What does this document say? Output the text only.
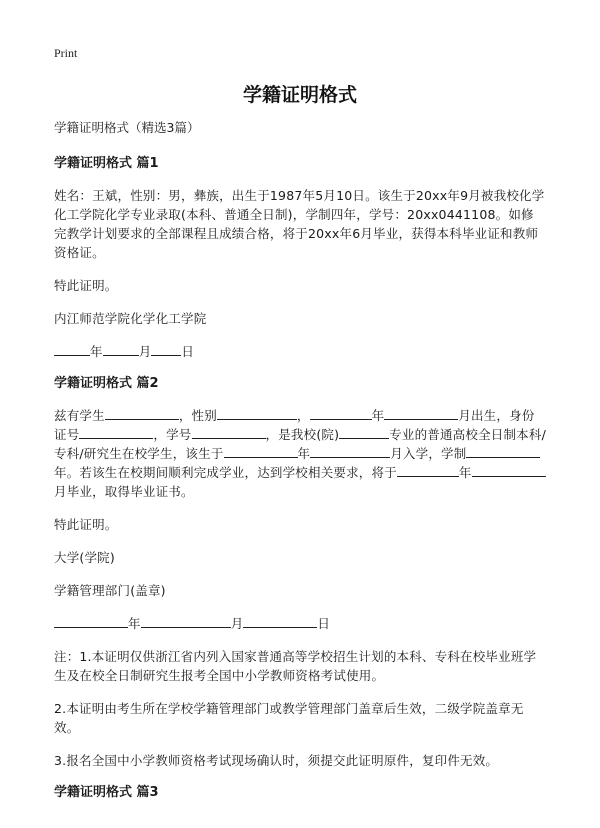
Print
学籍证明格式
学籍证明格式（精选3篇）
学籍证明格式 篇1
姓名：王斌，性别：男，彝族，出生于1987年5月10日。该生于20xx年9月被我校化学化工学院化学专业录取(本科、普通全日制)，学制四年，学号：20xx0441108。如修完教学计划要求的全部课程且成绩合格，将于20xx年6月毕业，获得本科毕业证和教师资格证。
特此证明。
内江师范学院化学化工学院
年	月 日
学籍证明格式 篇2
兹有学生	，性别	，	年	月出生，身份证号	，学号	，是我校(院)	专业的普通高校全日制本科/专科/研究生在校学生，该生于	年	月入学，学制年。若该生在校期间顺利完成学业，达到学校相关要求，将于	年月毕业，取得毕业证书。
特此证明。
大学(学院)
学籍管理部门(盖章)
年	月	日
注：1.本证明仅供浙江省内列入国家普通高等学校招生计划的本科、专科在校毕业班学生及在校全日制研究生报考全国中小学教师资格考试使用。
2.本证明由考生所在学校学籍管理部门或教学管理部门盖章后生效，二级学院盖章无效。
3.报名全国中小学教师资格考试现场确认时，须提交此证明原件，复印件无效。
学籍证明格式 篇3
